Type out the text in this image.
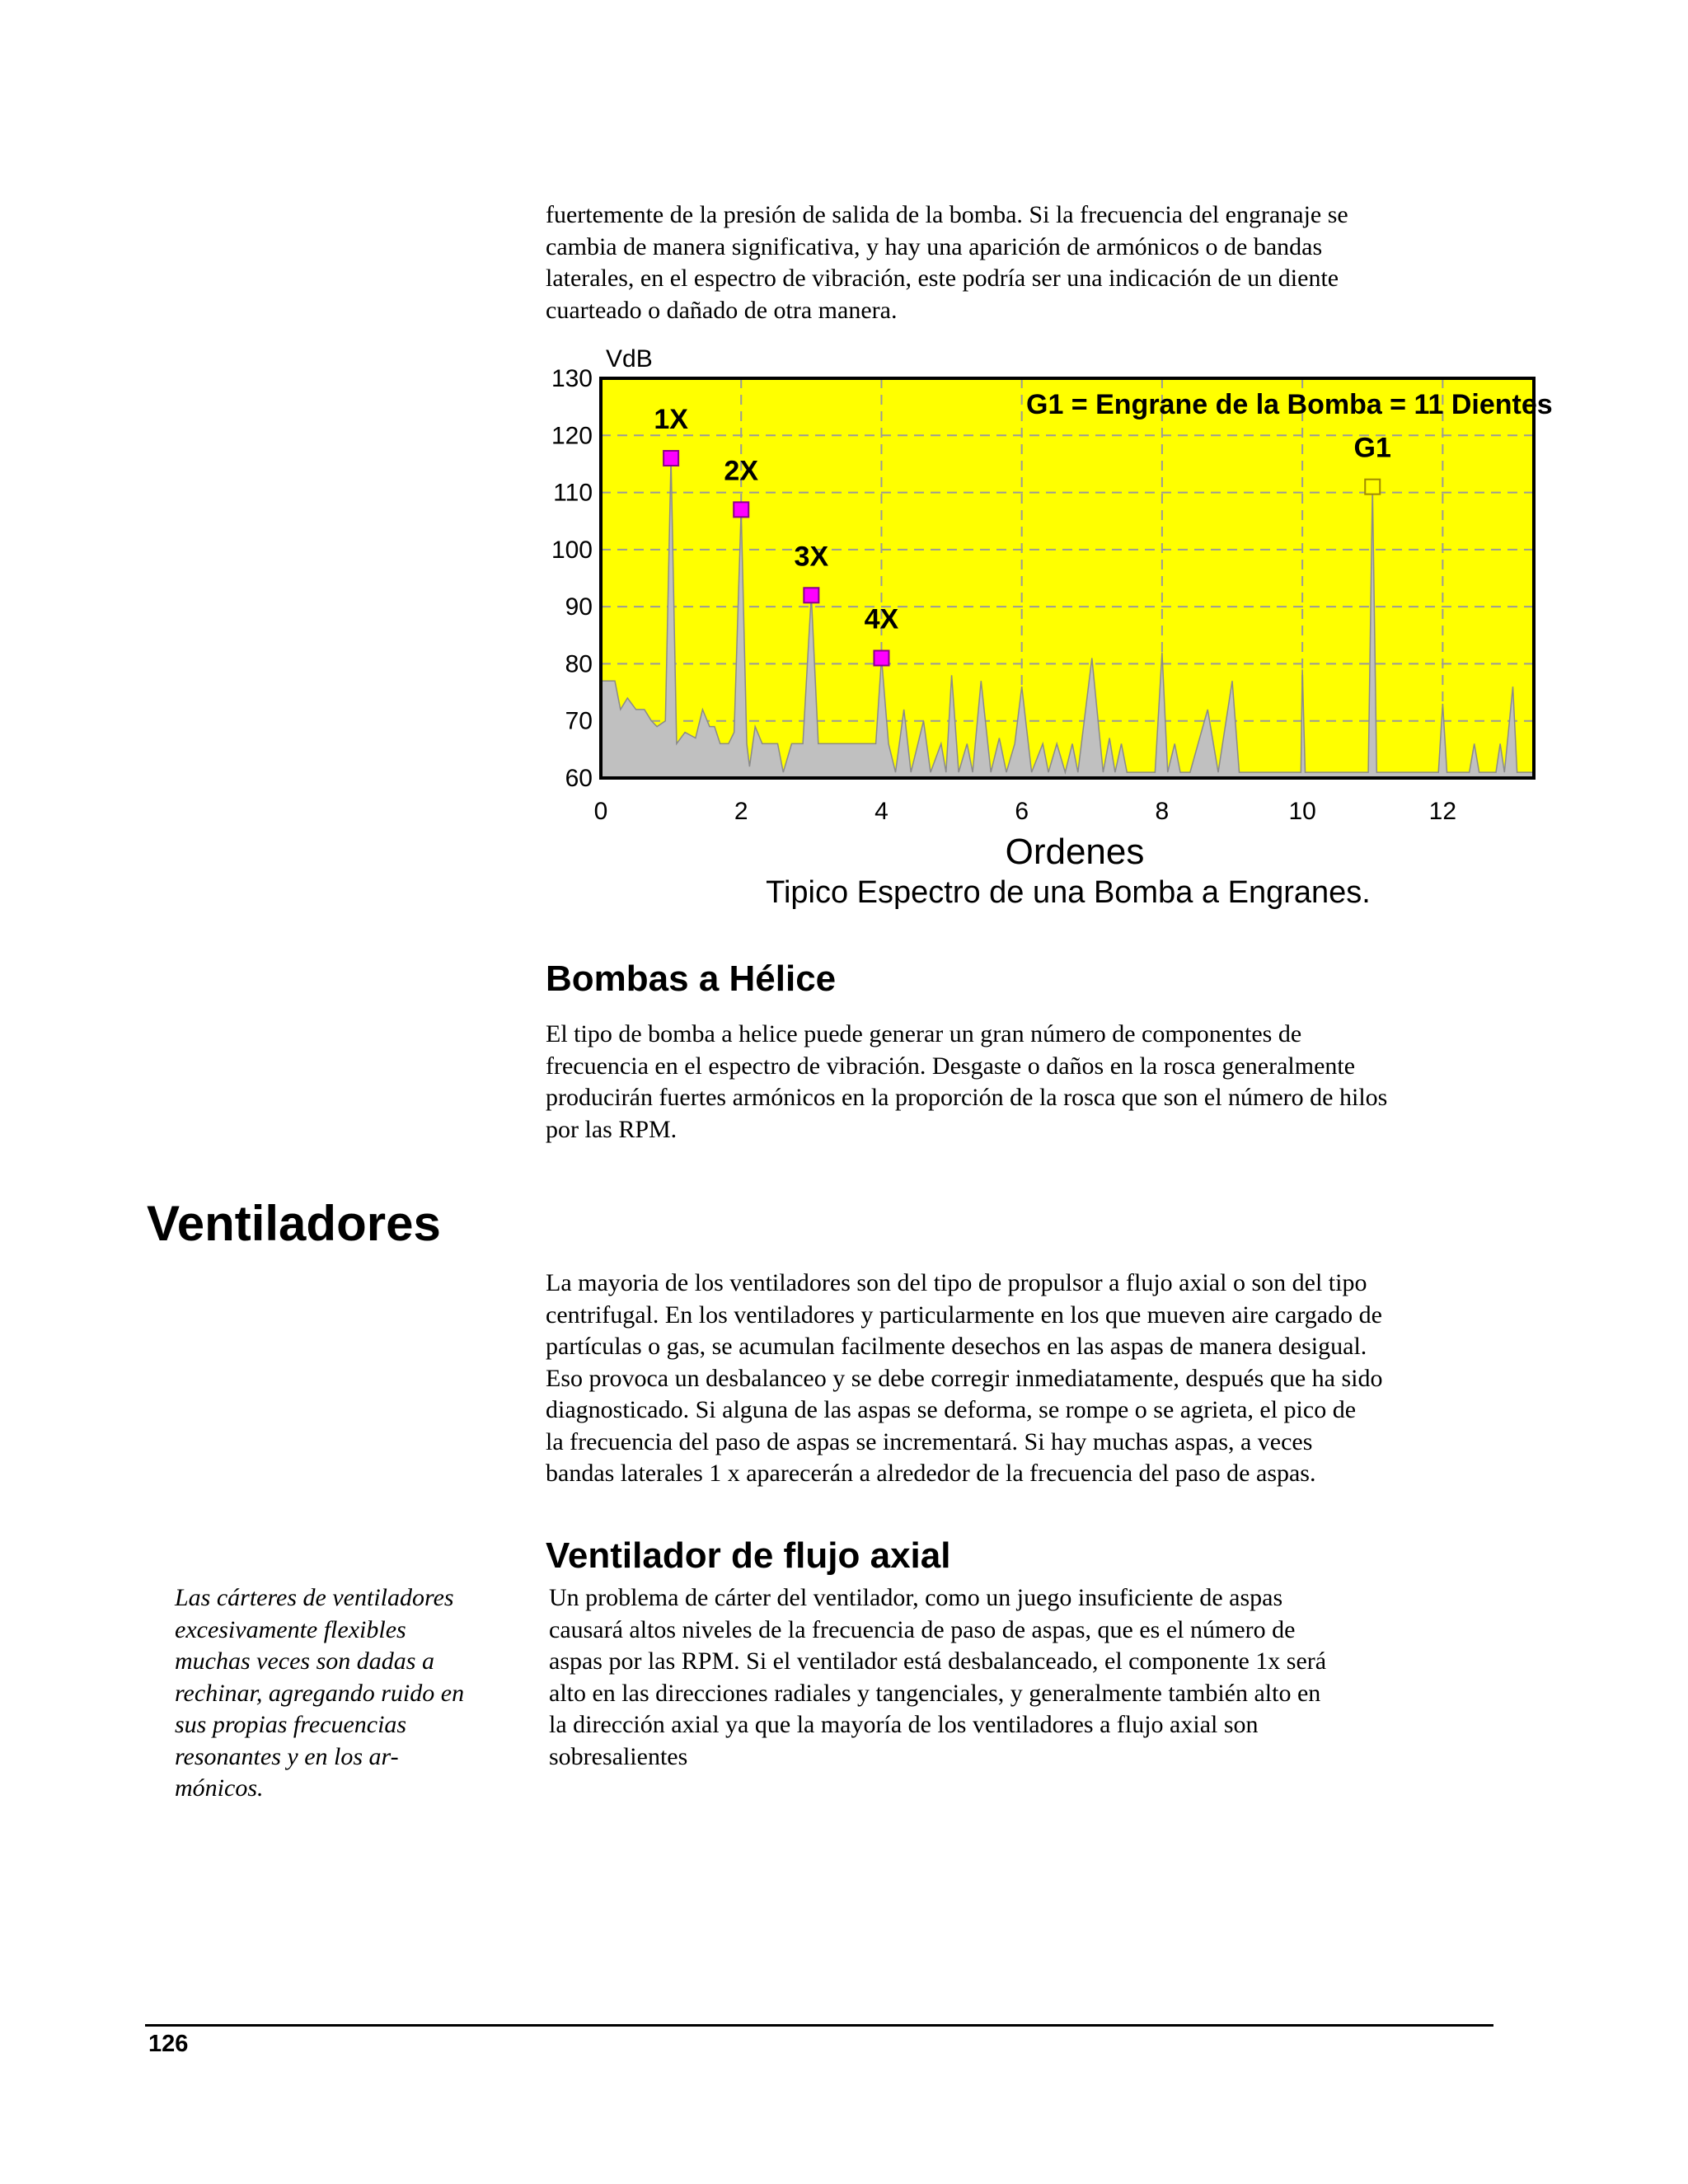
fuertemente de la presión de salida de la bomba. Si la frecuencia del engranaje se
cambia de manera significativa, y hay una aparición de armónicos o de bandas
laterales, en el espectro de vibración, este podría ser una indicación de un diente
cuarteado o dañado de otra manera.
60
70
80
90
100
110
120
130
0	2	4	6	8	10	12
1X
2X
3X
4X
G1
VdB
G1 = Engrane de la Bomba = 11 Dientes
Ordenes
Tipico Espectro de una Bomba a Engranes.
Bombas a Hélice
El tipo de bomba a helice puede generar un gran número de componentes de
frecuencia en el espectro de vibración. Desgaste o daños en la rosca generalmente
producirán fuertes armónicos en la proporción de la rosca que son el número de hilos
por las RPM.
Ventiladores
La mayoria de los ventiladores son del tipo de propulsor a flujo axial o son del tipo
centrifugal. En los ventiladores y particularmente en los que mueven aire cargado de
partículas o gas, se acumulan facilmente desechos en las aspas de manera desigual.
Eso provoca un desbalanceo y se debe corregir inmediatamente, después que ha sido
diagnosticado. Si alguna de las aspas se deforma, se rompe o se agrieta, el pico de
la frecuencia del paso de aspas se incrementará. Si hay muchas aspas, a veces
bandas laterales 1 x aparecerán a alrededor de la frecuencia del paso de aspas.
Ventilador de flujo axial
Un problema de cárter del ventilador, como un juego insuficiente de aspas
causará altos niveles de la frecuencia de paso de aspas, que es el número de
aspas por las RPM. Si el ventilador está desbalanceado, el componente 1x será
alto en las direcciones radiales y tangenciales, y generalmente también alto en
la dirección axial ya que la mayoría de los ventiladores a flujo axial son
sobresalientes
Las cárteres de ventiladores
excesivamente flexibles
muchas veces son dadas a
rechinar, agregando ruido en
sus propias frecuencias
resonantes y en los ar-
mónicos.
126
